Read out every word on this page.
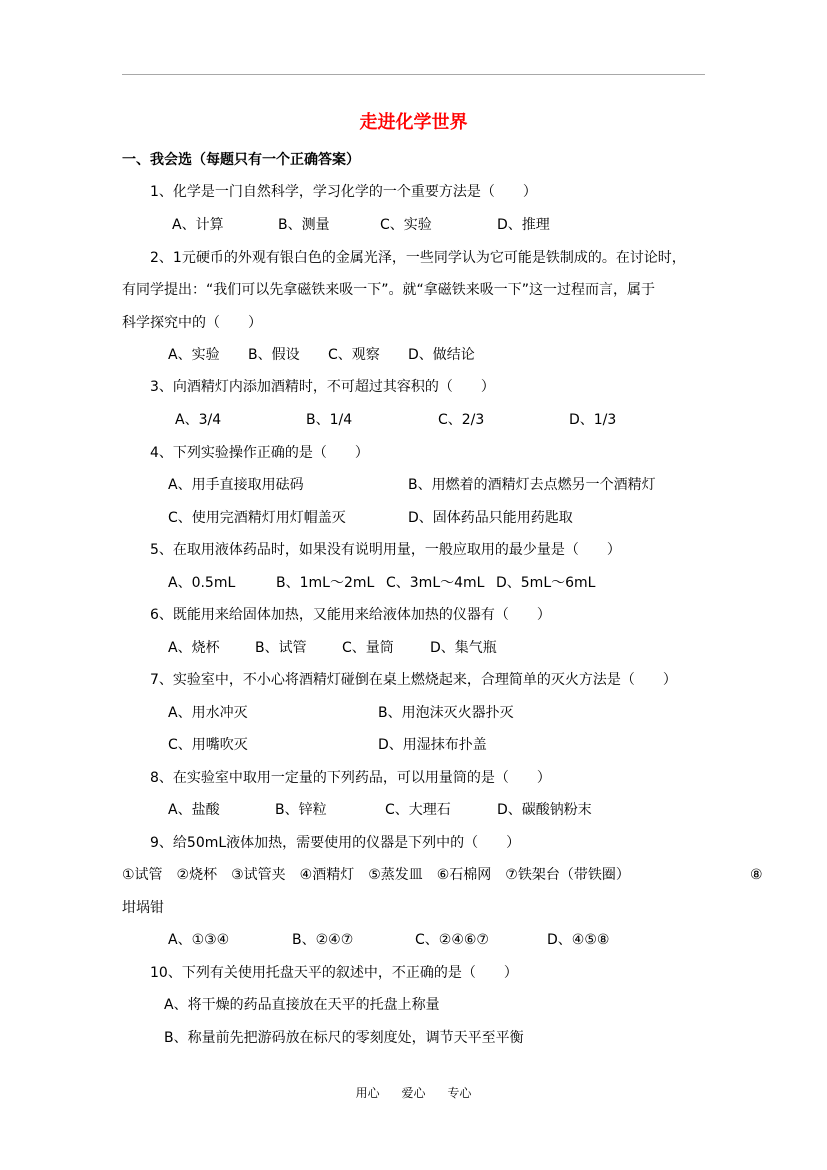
走进化学世界
一、我会选（每题只有一个正确答案）
1、化学是一门自然科学，学习化学的一个重要方法是（　　）
A、计算	B、测量	C、实验	D、推理
2、1元硬币的外观有银白色的金属光泽，一些同学认为它可能是铁制成的。在讨论时，
有同学提出：“我们可以先拿磁铁来吸一下”。就“拿磁铁来吸一下”这一过程而言，属于
科学探究中的（　　）
A、实验 B、假设 C、观察 D、做结论
3、向酒精灯内添加酒精时，不可超过其容积的（　　）
A、3/4	B、1/4	C、2/3	D、1/3
4、下列实验操作正确的是（　　）
A、用手直接取用砝码	B、用燃着的酒精灯去点燃另一个酒精灯
C、使用完酒精灯用灯帽盖灭	D、固体药品只能用药匙取
5、在取用液体药品时，如果没有说明用量，一般应取用的最少量是（　　）
A、0.5mL	B、1mL～2mL C、3mL～4mL D、5mL～6mL
6、既能用来给固体加热，又能用来给液体加热的仪器有（　　）
A、烧杯	B、试管	C、量筒	D、集气瓶
7、实验室中，不小心将酒精灯碰倒在桌上燃烧起来，合理简单的灭火方法是（　　）
A、用水冲灭	B、用泡沫灭火器扑灭
C、用嘴吹灭	D、用湿抹布扑盖
8、在实验室中取用一定量的下列药品，可以用量筒的是（　　）
A、盐酸	B、锌粒	C、大理石	D、碳酸钠粉末
9、给50mL液体加热，需要使用的仪器是下列中的（　　）
①试管　②烧杯　③试管夹　④酒精灯　⑤蒸发皿　⑥石棉网　⑦铁架台（带铁圈）	⑧
坩埚钳
A、①③④	B、②④⑦	C、②④⑥⑦	D、④⑤⑧
10、下列有关使用托盘天平的叙述中，不正确的是（　　）
A、将干燥的药品直接放在天平的托盘上称量
B、称量前先把游码放在标尺的零刻度处，调节天平至平衡
用心 爱心 专心
